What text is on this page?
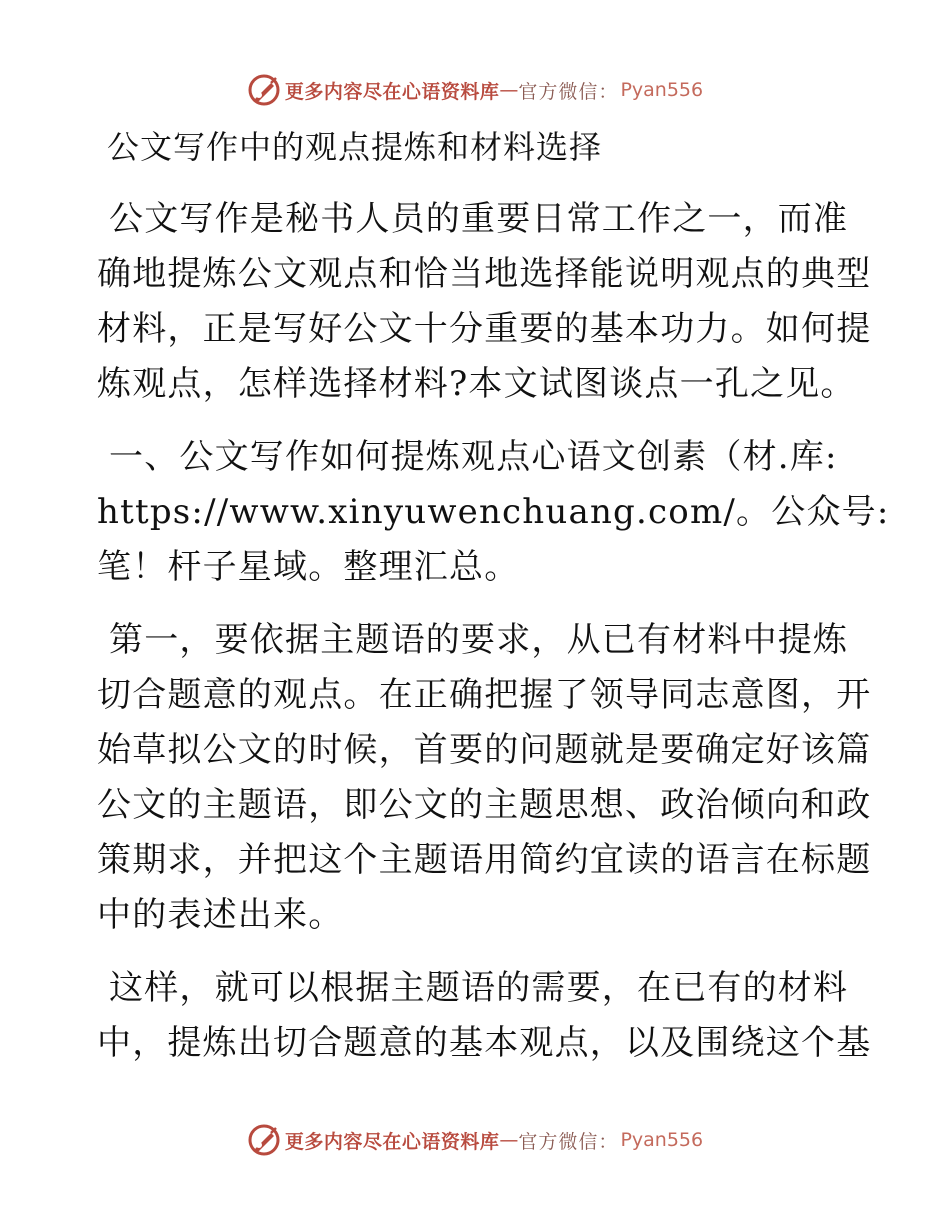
更多内容尽在心语资料库 — 官方微信： Pyan556
公文写作中的观点提炼和材料选择
公文写作是秘书人员的重要日常工作之一，而准
确地提炼公文观点和恰当地选择能说明观点的典型
材料，正是写好公文十分重要的基本功力。如何提
炼观点，怎样选择材料?本文试图谈点一孔之见。
一、公文写作如何提炼观点心语文创素（材.库:
https://www.xinyuwenchuang.com/。公众号:
笔！杆子星域。整理汇总。
第一，要依据主题语的要求，从已有材料中提炼
切合题意的观点。在正确把握了领导同志意图，开
始草拟公文的时候，首要的问题就是要确定好该篇
公文的主题语，即公文的主题思想、政治倾向和政
策期求，并把这个主题语用简约宜读的语言在标题
中的表述出来。
这样，就可以根据主题语的需要，在已有的材料
中，提炼出切合题意的基本观点，以及围绕这个基
更多内容尽在心语资料库 — 官方微信： Pyan556
